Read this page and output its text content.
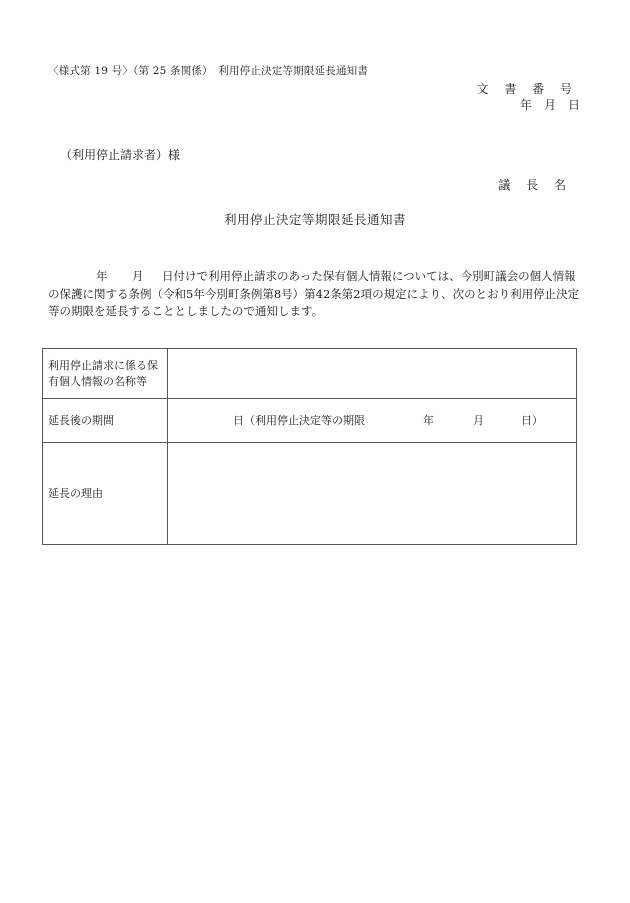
〈様式第 19 号〉（第 25 条関係）　利用停止決定等期限延長通知書
文 書 番 号
年　月　日
（利用停止請求者）様
議 長 名
利用停止決定等期限延長通知書
年 月 日付けで利用停止請求のあった保有個人情報については、今別町議会の個人情報の保護に関する条例（令和5年今別町条例第8号）第42条第2項の規定により、次のとおり利用停止決定等の期限を延長することとしましたので通知します。
利用停止請求に係る保有個人情報の名称等	
延長後の期間	日（利用停止決定等の期限 年 月 日）

延長の理由	
